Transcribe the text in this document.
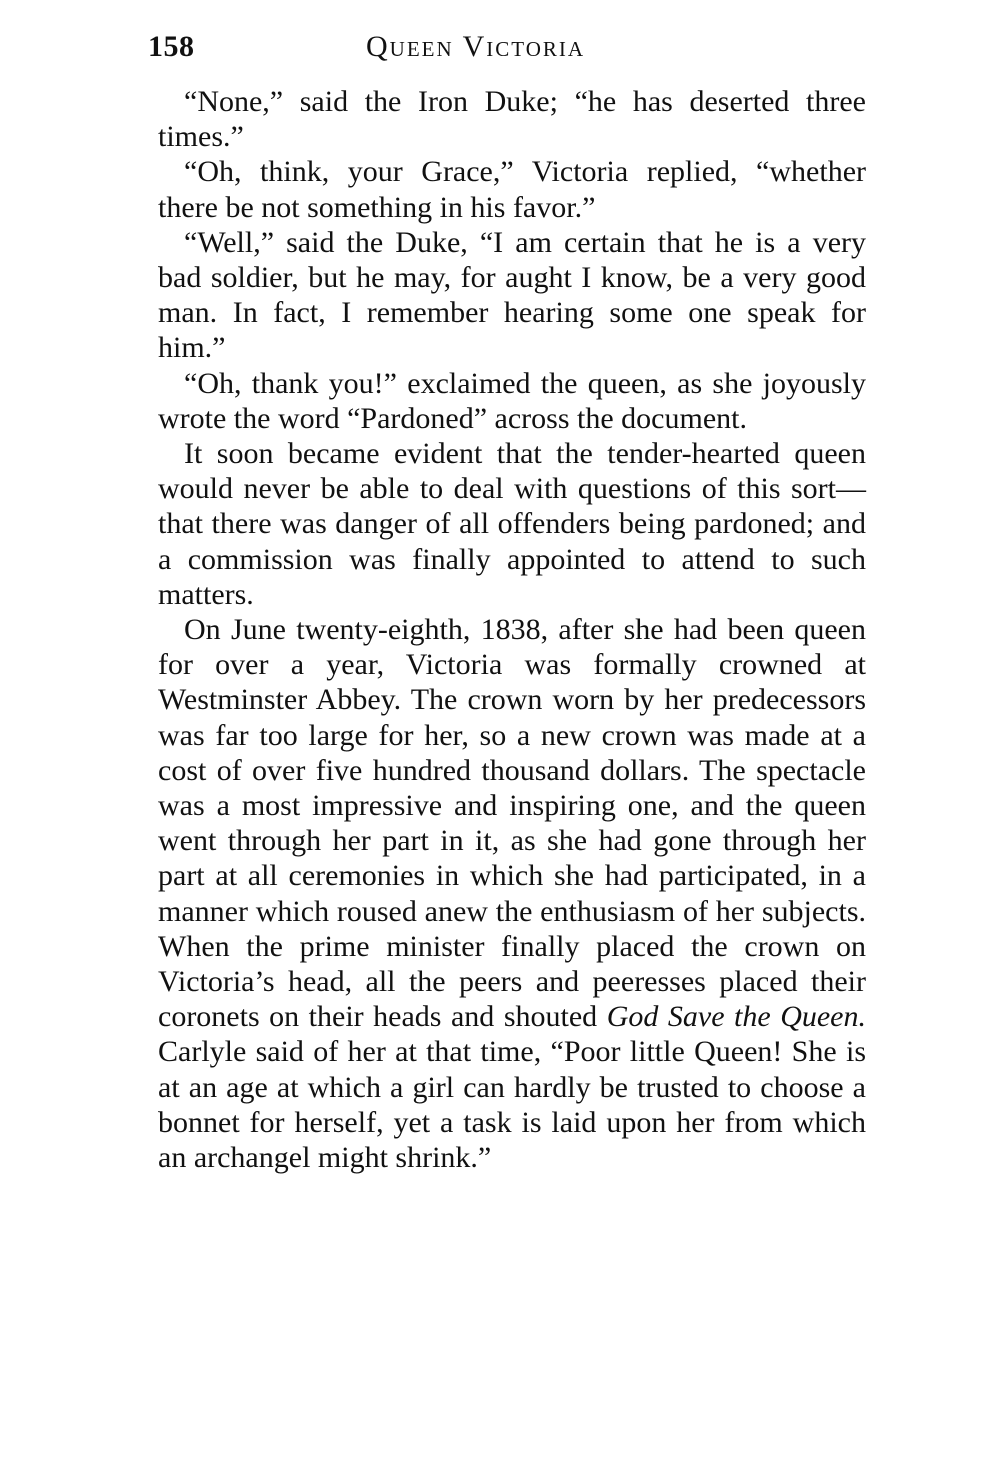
158	Queen Victoria

“None,” said the Iron Duke; “he has deserted three times.”

“Oh, think, your Grace,” Victoria replied, “whether there be not something in his favor.”

“Well,” said the Duke, “I am certain that he is a very bad soldier, but he may, for aught I know, be a very good man. In fact, I remember hearing some one speak for him.”

“Oh, thank you!” exclaimed the queen, as she joyously wrote the word “Pardoned” across the document.

It soon became evident that the tender-hearted queen would never be able to deal with questions of this sort—that there was danger of all offenders being pardoned; and a commission was finally appointed to attend to such matters.

On June twenty-eighth, 1838, after she had been queen for over a year, Victoria was formally crowned at Westminster Abbey. The crown worn by her predecessors was far too large for her, so a new crown was made at a cost of over five hundred thousand dollars. The spectacle was a most impressive and inspiring one, and the queen went through her part in it, as she had gone through her part at all ceremonies in which she had participated, in a manner which roused anew the enthusiasm of her subjects. When the prime minister finally placed the crown on Victoria’s head, all the peers and peeresses placed their coronets on their heads and shouted God Save the Queen. Carlyle said of her at that time, “Poor little Queen! She is at an age at which a girl can hardly be trusted to choose a bonnet for herself, yet a task is laid upon her from which an archangel might shrink.”
